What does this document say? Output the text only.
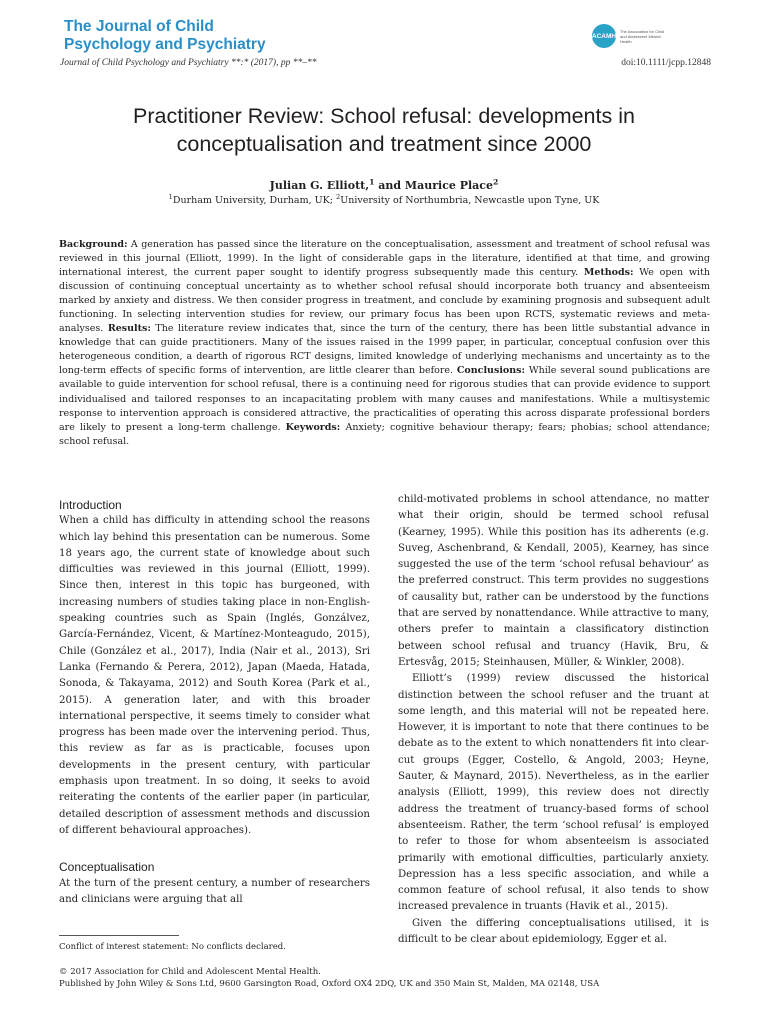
The Journal of Child
Psychology and Psychiatry	ACAMH
The Association for Child and Adolescent Mental Health
Journal of Child Psychology and Psychiatry **:* (2017), pp **–**	doi:10.1111/jcpp.12848
Practitioner Review: School refusal: developments in
conceptualisation and treatment since 2000
Julian G. Elliott,$^1$ and Maurice Place$^2$
$^1$Durham University, Durham, UK; $^2$University of Northumbria, Newcastle upon Tyne, UK
Background: A generation has passed since the literature on the conceptualisation, assessment and treatment of school refusal was reviewed in this journal (Elliott, 1999). In the light of considerable gaps in the literature, identified at that time, and growing international interest, the current paper sought to identify progress subsequently made this century. Methods: We open with discussion of continuing conceptual uncertainty as to whether school refusal should incorporate both truancy and absenteeism marked by anxiety and distress. We then consider progress in treatment, and conclude by examining prognosis and subsequent adult functioning. In selecting intervention studies for review, our primary focus has been upon RCTS, systematic reviews and meta-analyses. Results: The literature review indicates that, since the turn of the century, there has been little substantial advance in knowledge that can guide practitioners. Many of the issues raised in the 1999 paper, in particular, conceptual confusion over this heterogeneous condition, a dearth of rigorous RCT designs, limited knowledge of underlying mechanisms and uncertainty as to the long-term effects of specific forms of intervention, are little clearer than before. Conclusions: While several sound publications are available to guide intervention for school refusal, there is a continuing need for rigorous studies that can provide evidence to support individualised and tailored responses to an incapacitating problem with many causes and manifestations. While a multisystemic response to intervention approach is considered attractive, the practicalities of operating this across disparate professional borders are likely to present a long-term challenge. Keywords: Anxiety; cognitive behaviour therapy; fears; phobias; school attendance; school refusal.
Introduction

When a child has difficulty in attending school the reasons which lay behind this presentation can be numerous. Some 18 years ago, the current state of knowledge about such difficulties was reviewed in this journal (Elliott, 1999). Since then, interest in this topic has burgeoned, with increasing numbers of studies taking place in non-English-speaking countries such as Spain (Inglés, Gonzálvez, García-Fernández, Vicent, & Martínez-Monteagudo, 2015), Chile (González et al., 2017), India (Nair et al., 2013), Sri Lanka (Fernando & Perera, 2012), Japan (Maeda, Hatada, Sonoda, & Takayama, 2012) and South Korea (Park et al., 2015). A generation later, and with this broader international perspective, it seems timely to consider what progress has been made over the intervening period. Thus, this review as far as is practicable, focuses upon developments in the present century, with particular emphasis upon treatment. In so doing, it seeks to avoid reiterating the contents of the earlier paper (in particular, detailed description of assessment methods and discussion of different behavioural approaches).

Conceptualisation

At the turn of the present century, a number of researchers and clinicians were arguing that all

child-motivated problems in school attendance, no matter what their origin, should be termed school refusal (Kearney, 1995). While this position has its adherents (e.g. Suveg, Aschenbrand, & Kendall, 2005), Kearney, has since suggested the use of the term ‘school refusal behaviour’ as the preferred construct. This term provides no suggestions of causality but, rather can be understood by the functions that are served by nonattendance. While attractive to many, others prefer to maintain a classificatory distinction between school refusal and truancy (Havik, Bru, & Ertesvåg, 2015; Steinhausen, Müller, & Winkler, 2008).

Elliott’s (1999) review discussed the historical distinction between the school refuser and the truant at some length, and this material will not be repeated here. However, it is important to note that there continues to be debate as to the extent to which nonattenders fit into clear-cut groups (Egger, Costello, & Angold, 2003; Heyne, Sauter, & Maynard, 2015). Nevertheless, as in the earlier analysis (Elliott, 1999), this review does not directly address the treatment of truancy-based forms of school absenteeism. Rather, the term ‘school refusal’ is employed to refer to those for whom absenteeism is associated primarily with emotional difficulties, particularly anxiety. Depression has a less specific association, and while a common feature of school refusal, it also tends to show increased prevalence in truants (Havik et al., 2015).

Given the differing conceptualisations utilised, it is difficult to be clear about epidemiology, Egger et al.

Conflict of interest statement: No conflicts declared.
© 2017 Association for Child and Adolescent Mental Health.
Published by John Wiley & Sons Ltd, 9600 Garsington Road, Oxford OX4 2DQ, UK and 350 Main St, Malden, MA 02148, USA
